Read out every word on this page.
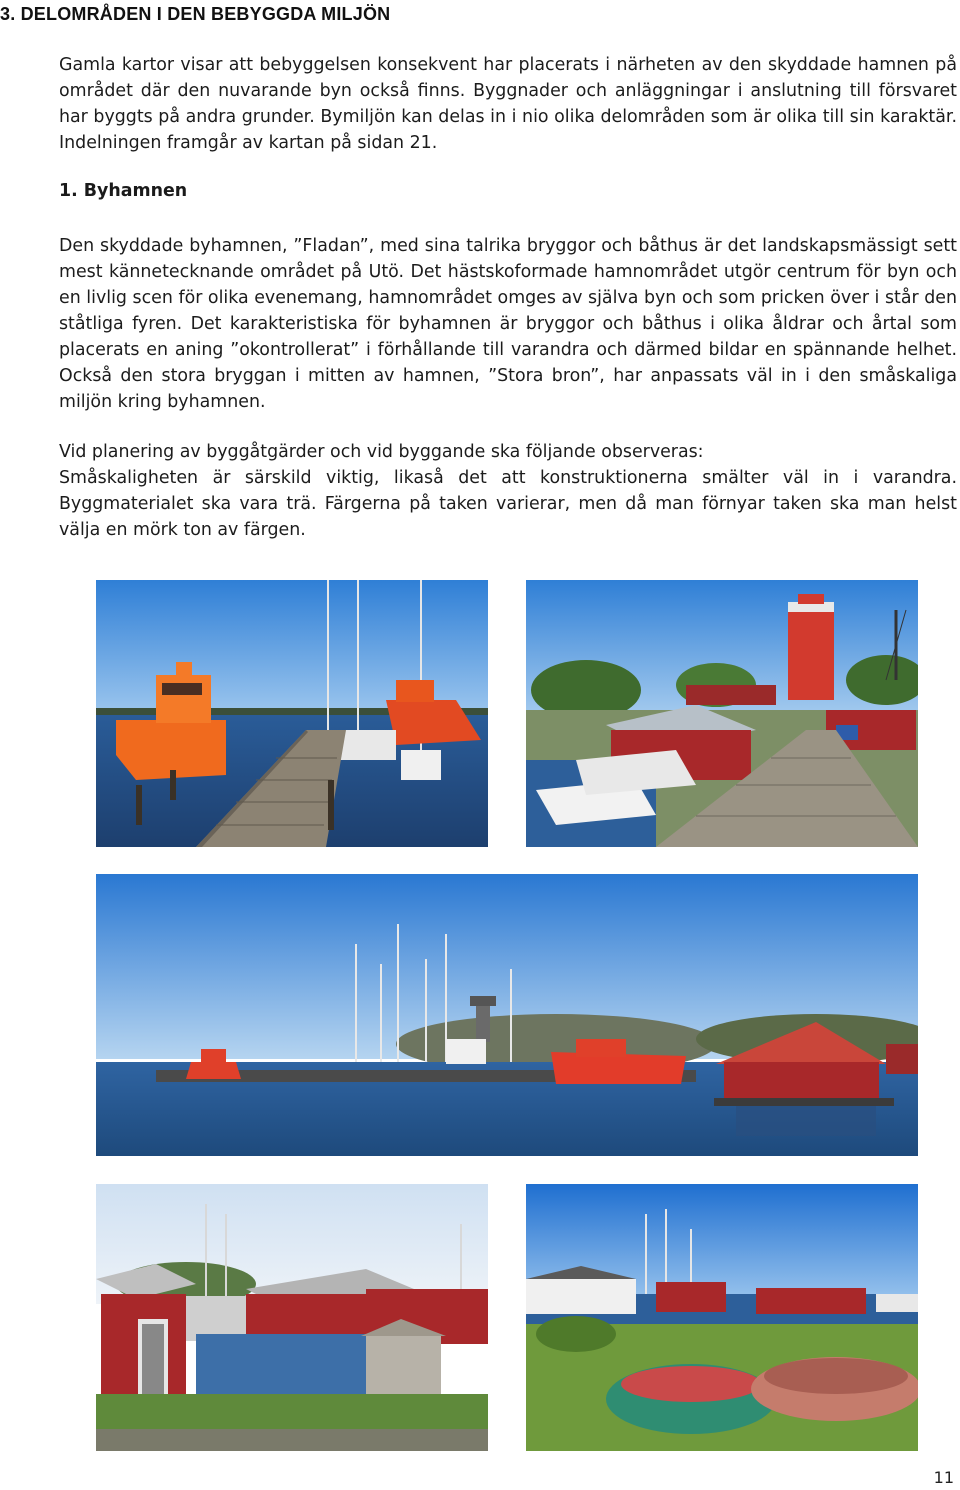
3. DELOMRÅDEN I DEN BEBYGGDA MILJÖN

Gamla kartor visar att bebyggelsen konsekvent har placerats i närheten av den skyddade hamnen på området där den nuvarande byn också finns. Byggnader och anläggningar i anslutning till försvaret har byggts på andra grunder. Bymiljön kan delas in i nio olika delområden som är olika till sin karaktär. Indelningen framgår av kartan på sidan 21.

1. Byhamnen

Den skyddade byhamnen, ”Fladan”, med sina talrika bryggor och båthus är det landskapsmässigt sett mest kännetecknande området på Utö. Det hästskoformade hamnområdet utgör centrum för byn och en livlig scen för olika evenemang, hamnområdet omges av själva byn och som pricken över i står den ståtliga fyren. Det karakteristiska för byhamnen är bryggor och båthus i olika åldrar och årtal som placerats en aning ”okontrollerat” i förhållande till varandra och därmed bildar en spännande helhet. Också den stora bryggan i mitten av hamnen, ”Stora bron”, har anpassats väl in i den småskaliga miljön kring byhamnen.

Vid planering av byggåtgärder och vid byggande ska följande observeras:
Småskaligheten är särskild viktig, likaså det att konstruktionerna smälter väl in i varandra. Byggmaterialet ska vara trä. Färgerna på taken varierar, men då man förnyar taken ska man helst välja en mörk ton av färgen.

11
